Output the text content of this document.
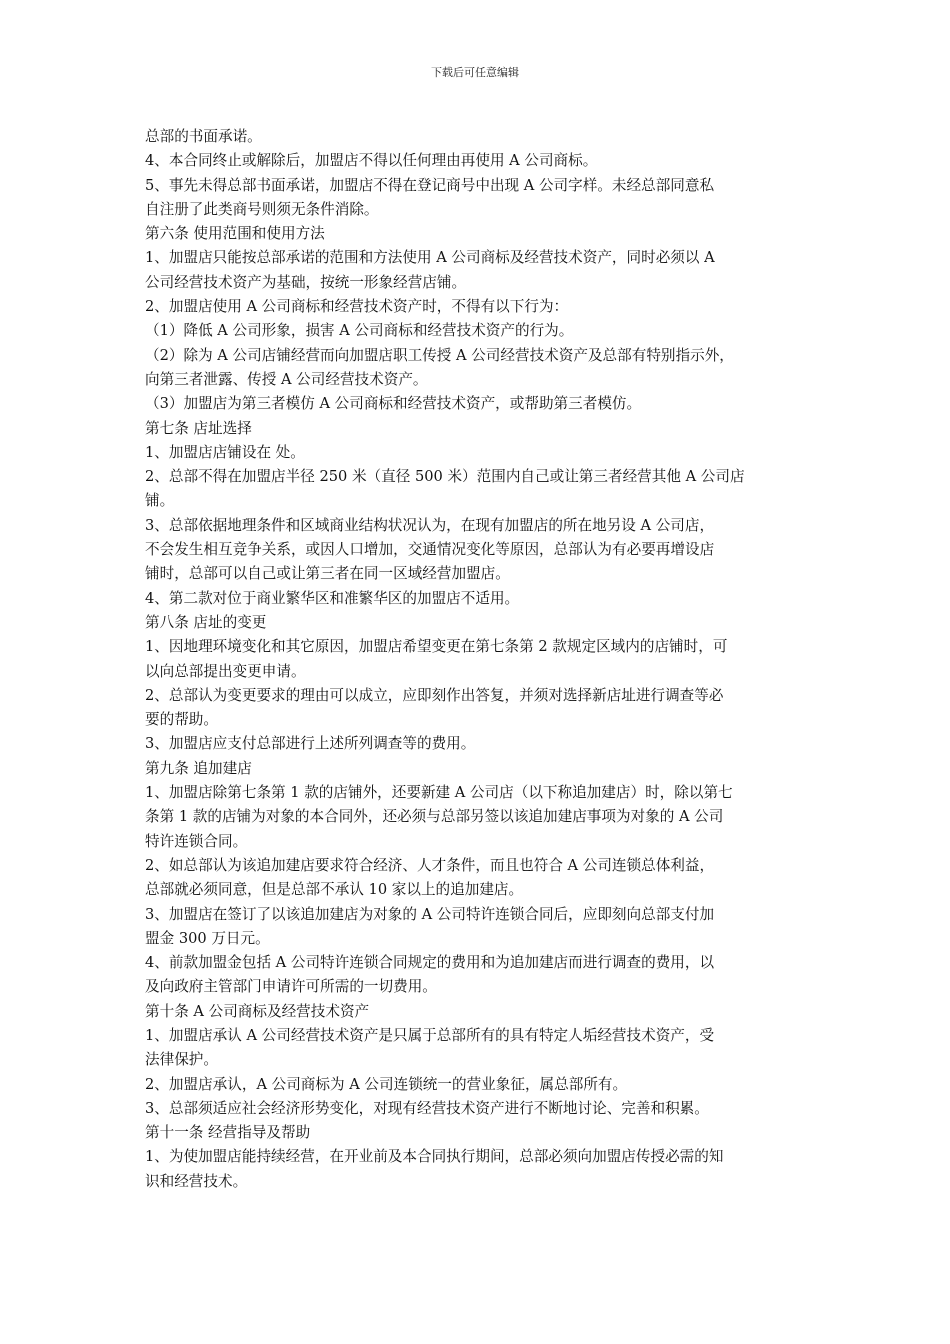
下载后可任意编辑
总部的书面承诺。
4、本合同终止或解除后，加盟店不得以任何理由再使用 A 公司商标。
5、事先未得总部书面承诺，加盟店不得在登记商号中出现 A 公司字样。未经总部同意私
自注册了此类商号则须无条件消除。
第六条 使用范围和使用方法
1、加盟店只能按总部承诺的范围和方法使用 A 公司商标及经营技术资产，同时必须以 A
公司经营技术资产为基础，按统一形象经营店铺。
2、加盟店使用 A 公司商标和经营技术资产时，不得有以下行为：
（1）降低 A 公司形象，损害 A 公司商标和经营技术资产的行为。
（2）除为 A 公司店铺经营而向加盟店职工传授 A 公司经营技术资产及总部有特别指示外，
向第三者泄露、传授 A 公司经营技术资产。
（3）加盟店为第三者模仿 A 公司商标和经营技术资产，或帮助第三者模仿。
第七条 店址选择
1、加盟店店铺设在 处。
2、总部不得在加盟店半径 250 米（直径 500 米）范围内自己或让第三者经营其他 A 公司店
铺。
3、总部依据地理条件和区域商业结构状况认为，在现有加盟店的所在地另设 A 公司店，
不会发生相互竞争关系，或因人口增加，交通情况变化等原因，总部认为有必要再增设店
铺时，总部可以自己或让第三者在同一区域经营加盟店。
4、第二款对位于商业繁华区和准繁华区的加盟店不适用。
第八条 店址的变更
1、因地理环境变化和其它原因，加盟店希望变更在第七条第 2 款规定区域内的店铺时，可
以向总部提出变更申请。
2、总部认为变更要求的理由可以成立，应即刻作出答复，并须对选择新店址进行调查等必
要的帮助。
3、加盟店应支付总部进行上述所列调查等的费用。
第九条 追加建店
1、加盟店除第七条第 1 款的店铺外，还要新建 A 公司店（以下称追加建店）时，除以第七
条第 1 款的店铺为对象的本合同外，还必须与总部另签以该追加建店事项为对象的 A 公司
特许连锁合同。
2、如总部认为该追加建店要求符合经济、人才条件，而且也符合 A 公司连锁总体利益，
总部就必须同意，但是总部不承认 10 家以上的追加建店。
3、加盟店在签订了以该追加建店为对象的 A 公司特许连锁合同后，应即刻向总部支付加
盟金 300 万日元。
4、前款加盟金包括 A 公司特许连锁合同规定的费用和为追加建店而进行调查的费用，以
及向政府主管部门申请许可所需的一切费用。
第十条 A 公司商标及经营技术资产
1、加盟店承认 A 公司经营技术资产是只属于总部所有的具有特定人垢经营技术资产，受
法律保护。
2、加盟店承认，A 公司商标为 A 公司连锁统一的营业象征，属总部所有。
3、总部须适应社会经济形势变化，对现有经营技术资产进行不断地讨论、完善和积累。
第十一条 经营指导及帮助
1、为使加盟店能持续经营，在开业前及本合同执行期间，总部必须向加盟店传授必需的知
识和经营技术。
